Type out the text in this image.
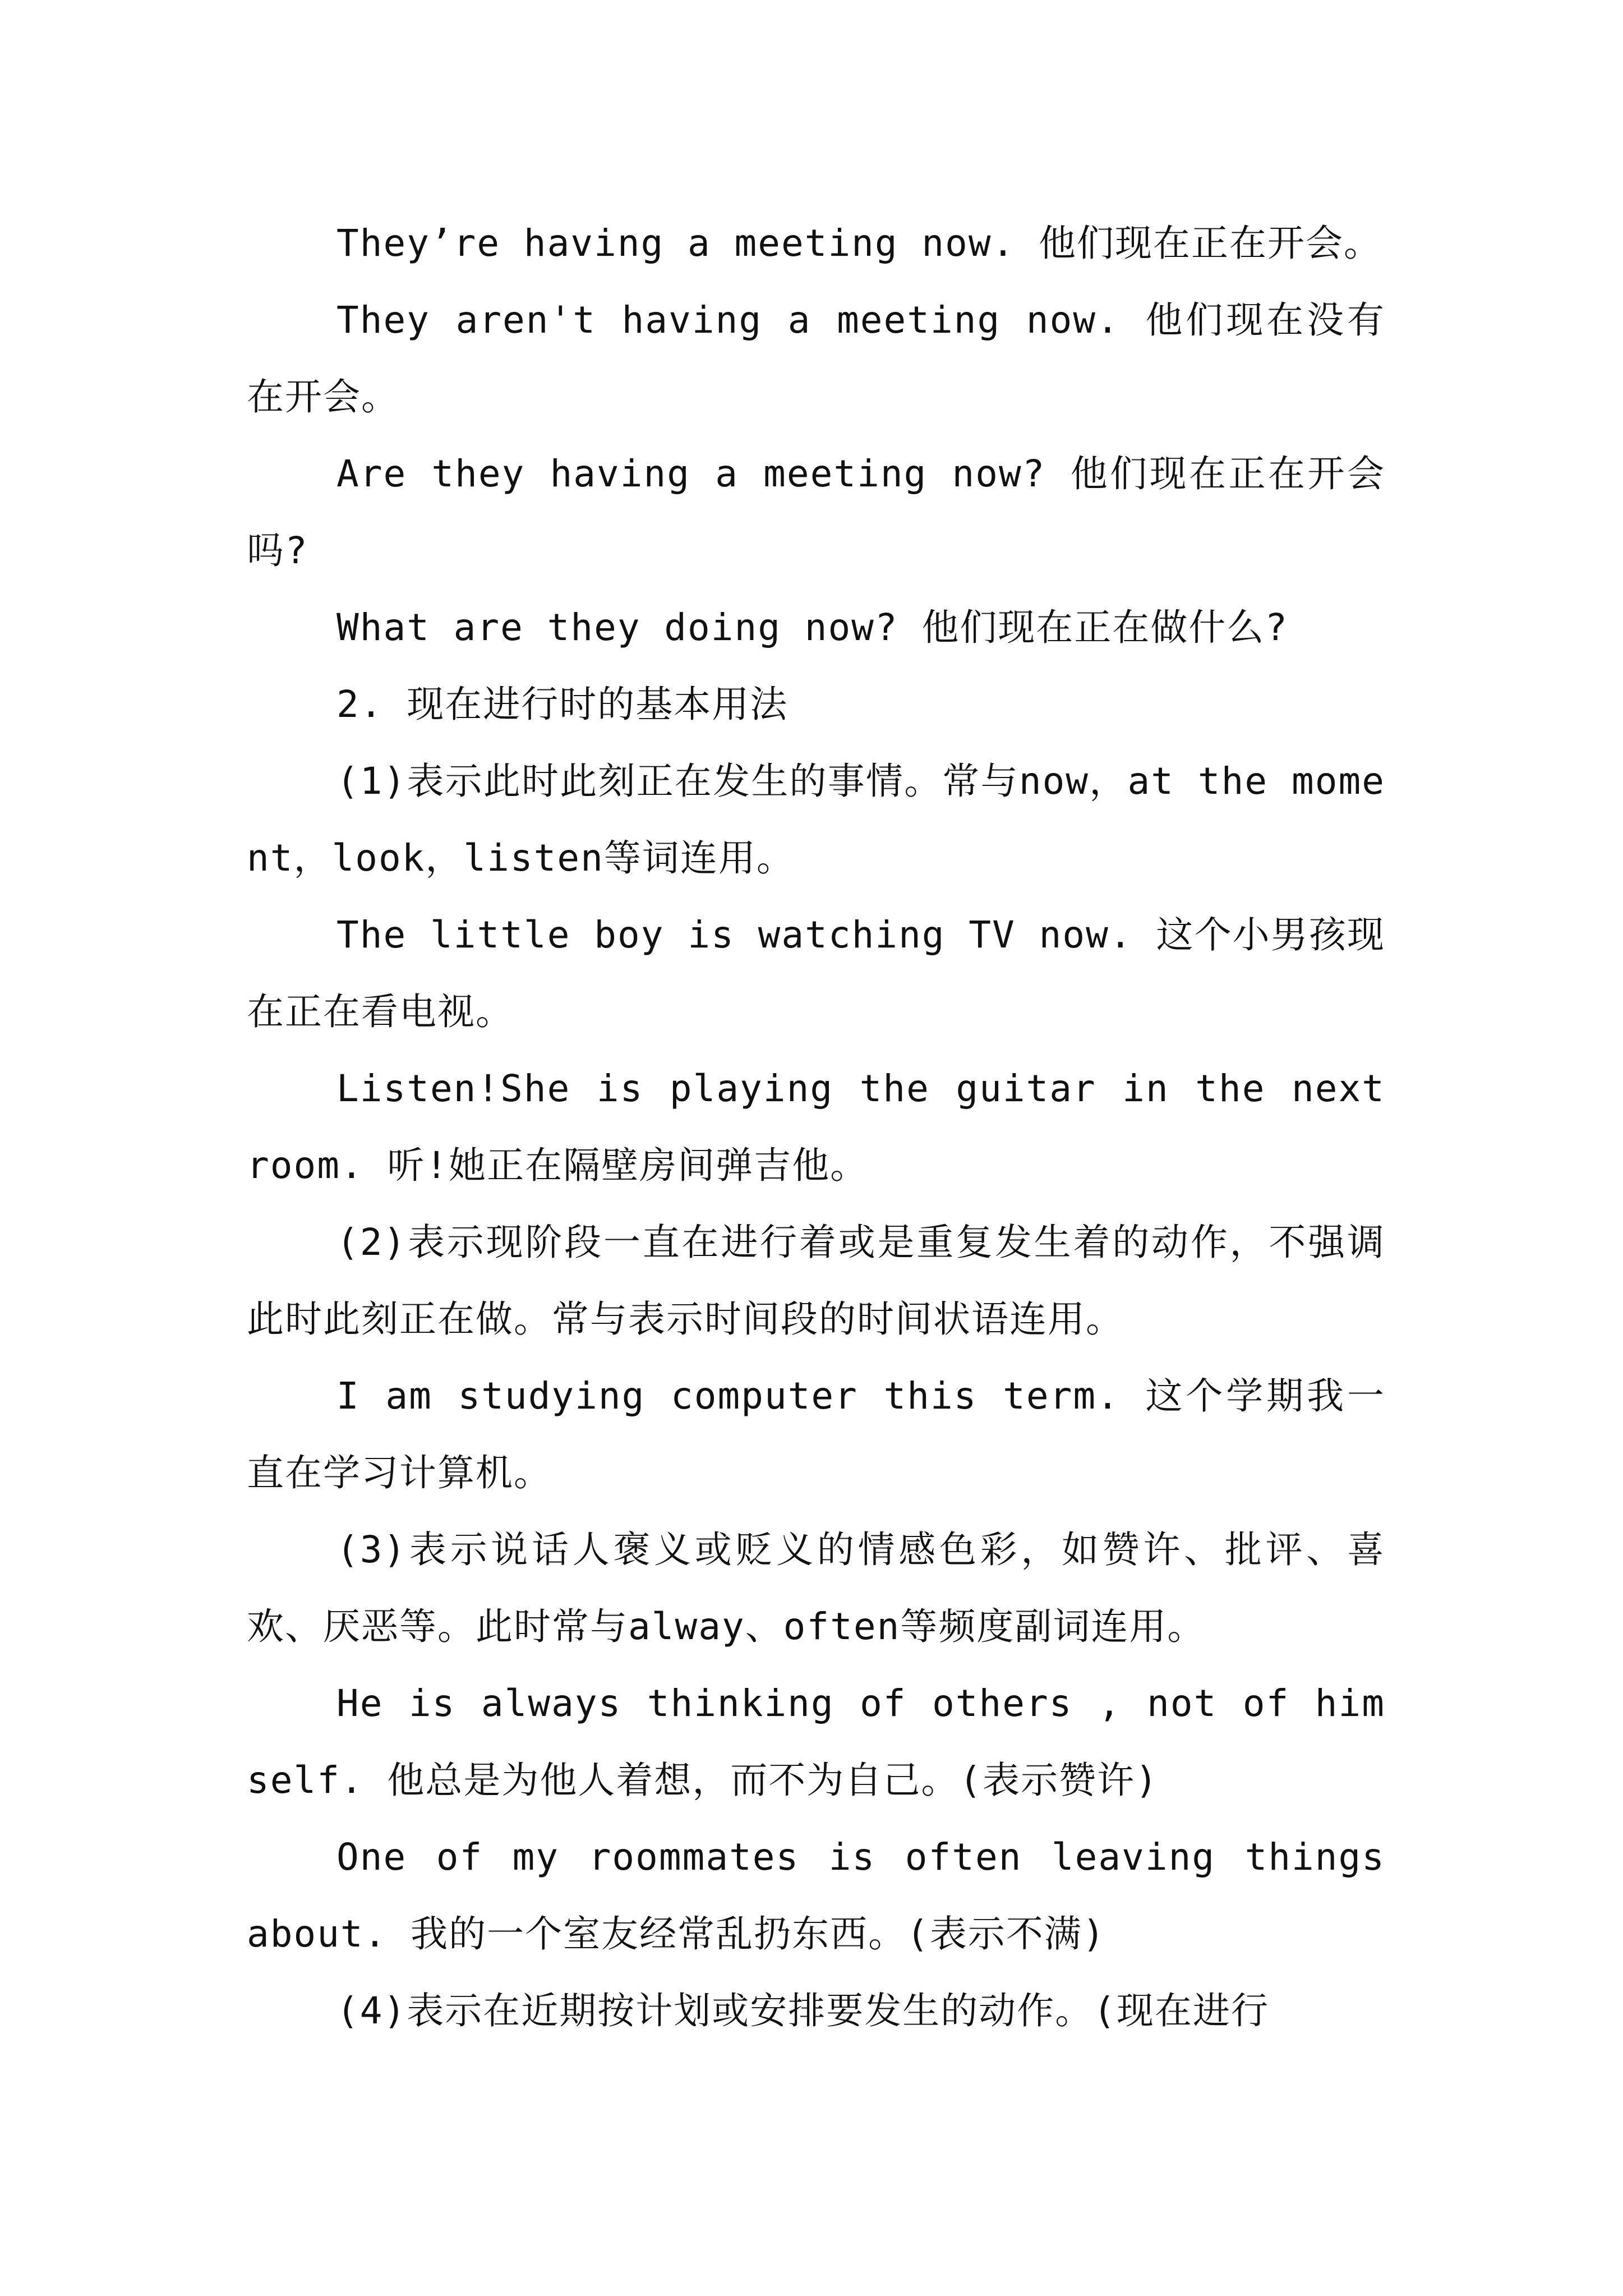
They’re having a meeting now. 他们现在正在开会。

They aren't having a meeting now. 他们现在没有在开会。

Are they having a meeting now? 他们现在正在开会吗?

What are they doing now? 他们现在正在做什么?

2. 现在进行时的基本用法

(1)表示此时此刻正在发生的事情。常与now，at the moment，look，listen等词连用。

The little boy is watching TV now. 这个小男孩现在正在看电视。

Listen!She is playing the guitar in the next room. 听!她正在隔壁房间弹吉他。

(2)表示现阶段一直在进行着或是重复发生着的动作，不强调此时此刻正在做。常与表示时间段的时间状语连用。

I am studying computer this term. 这个学期我一直在学习计算机。

(3)表示说话人褒义或贬义的情感色彩，如赞许、批评、喜欢、厌恶等。此时常与alway、often等频度副词连用。

He is always thinking of others , not of himself. 他总是为他人着想，而不为自己。(表示赞许)

One of my roommates is often leaving things about. 我的一个室友经常乱扔东西。(表示不满)

(4)表示在近期按计划或安排要发生的动作。(现在进行
